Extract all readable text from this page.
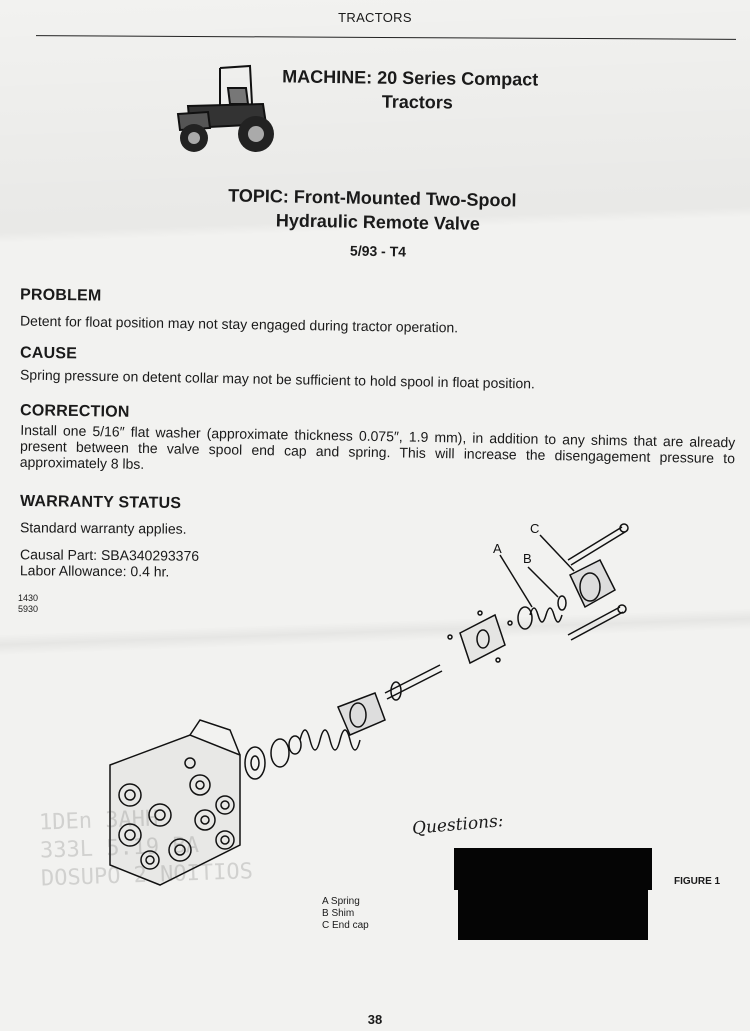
TRACTORS
MACHINE: 20 Series Compact
Tractors
TOPIC: Front-Mounted Two-Spool
Hydraulic Remote Valve
5/93 - T4
PROBLEM
Detent for float position may not stay engaged during tractor operation.
CAUSE
Spring pressure on detent collar may not be sufficient to hold spool in float position.
CORRECTION
Install one 5/16″ flat washer (approximate thickness 0.075″, 1.9 mm), in addition to any shims that are already present between the valve spool end cap and spring. This will increase the disengagement pressure to approximately 8 lbs.
WARRANTY STATUS
Standard warranty applies.
Causal Part: SBA340293376
Labor Allowance: 0.4 hr.
1430
5930
A
B
C
1DEn 3AHH
333L 5.19 BA
DOSUPO 2 NOITIOS
Questions:
FIGURE 1
A Spring
B Shim
C End cap
38
